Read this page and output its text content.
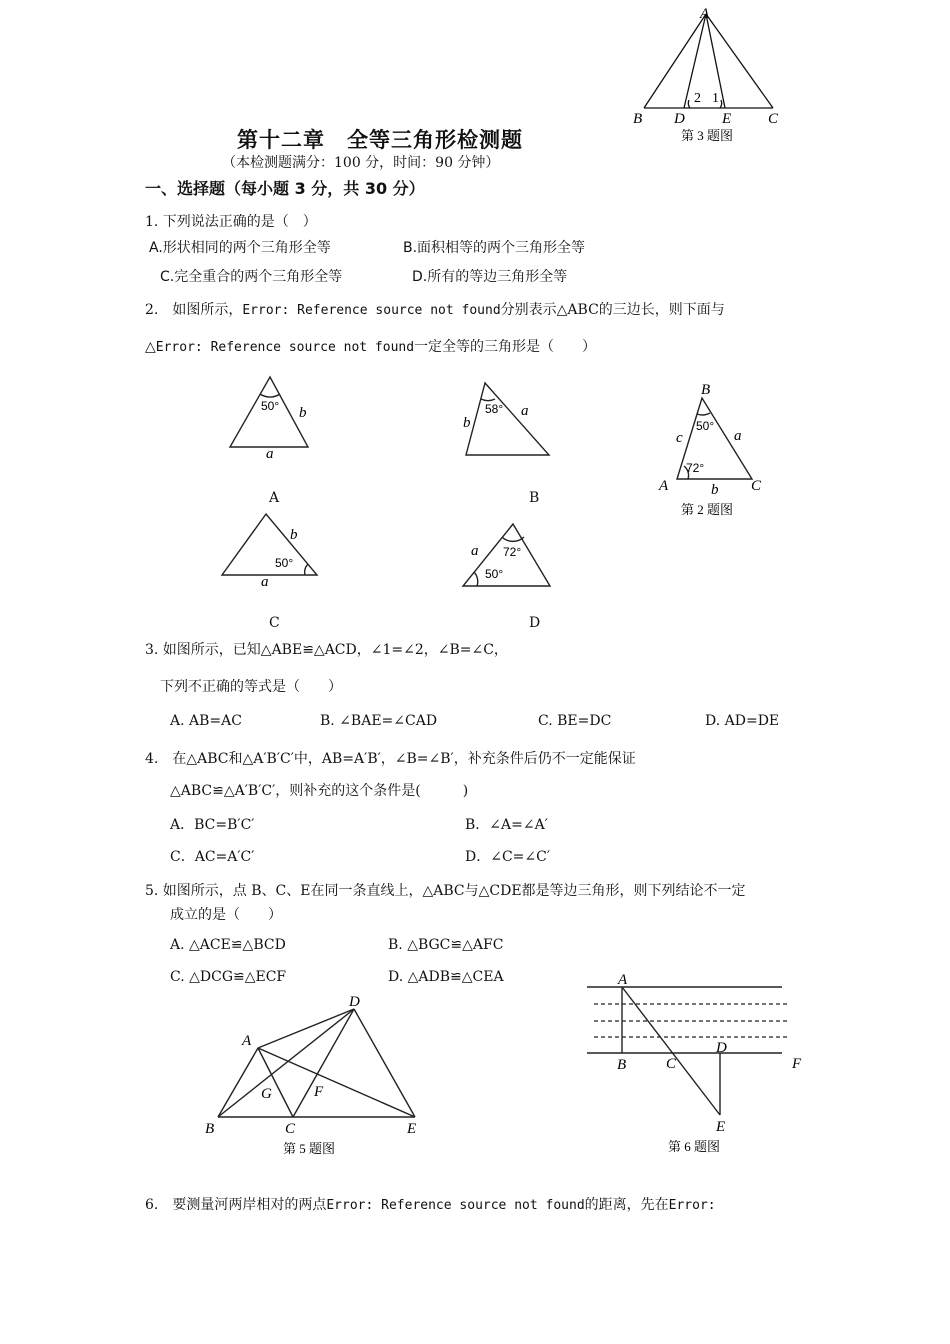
A
B D E C
2 1
第 3 题图
第十二章　全等三角形检测题
（本检测题满分：100 分，时间：90 分钟）
一、选择题（每小题 3 分，共 30 分）
1. 下列说法正确的是（　）
A.形状相同的两个三角形全等	B.面积相等的两个三角形全等
C.完全重合的两个三角形全等	D.所有的等边三角形全等
2.　如图所示，Error: Reference source not found分别表示△ABC的三边长，则下面与
△Error: Reference source not found一定全等的三角形是（　　）
50° b
a
A
58°
b
a
B
B
50°
c	a
72°
A	b C
第 2 题图
b
50°
a
C
a 72°
50°
D
3. 如图所示，已知△ABE≌△ACD，∠1=∠2，∠B=∠C，
下列不正确的等式是（　　）
A. AB=AC	B. ∠BAE=∠CAD	C. BE=DC	D. AD=DE
4.　在△ABC和△A′B′C′中，AB=A′B′，∠B=∠B′，补充条件后仍不一定能保证
△ABC≌△A′B′C′，则补充的这个条件是(　　　)
A．BC=B′C′	B．∠A=∠A′
C．AC=A′C′	D．∠C=∠C′
5. 如图所示，点 B、C、E在同一条直线上，△ABC与△CDE都是等边三角形，则下列结论不一定
成立的是（　　）
A. △ACE≌△BCD	B. △BGC≌△AFC
C. △DCG≌△ECF	D. △ADB≌△CEA
A
B	C
D
E
F
G
第 5 题图
A
B	C
D
E
F
第 6 题图
6.　要测量河两岸相对的两点Error: Reference source not found的距离，先在Error:
